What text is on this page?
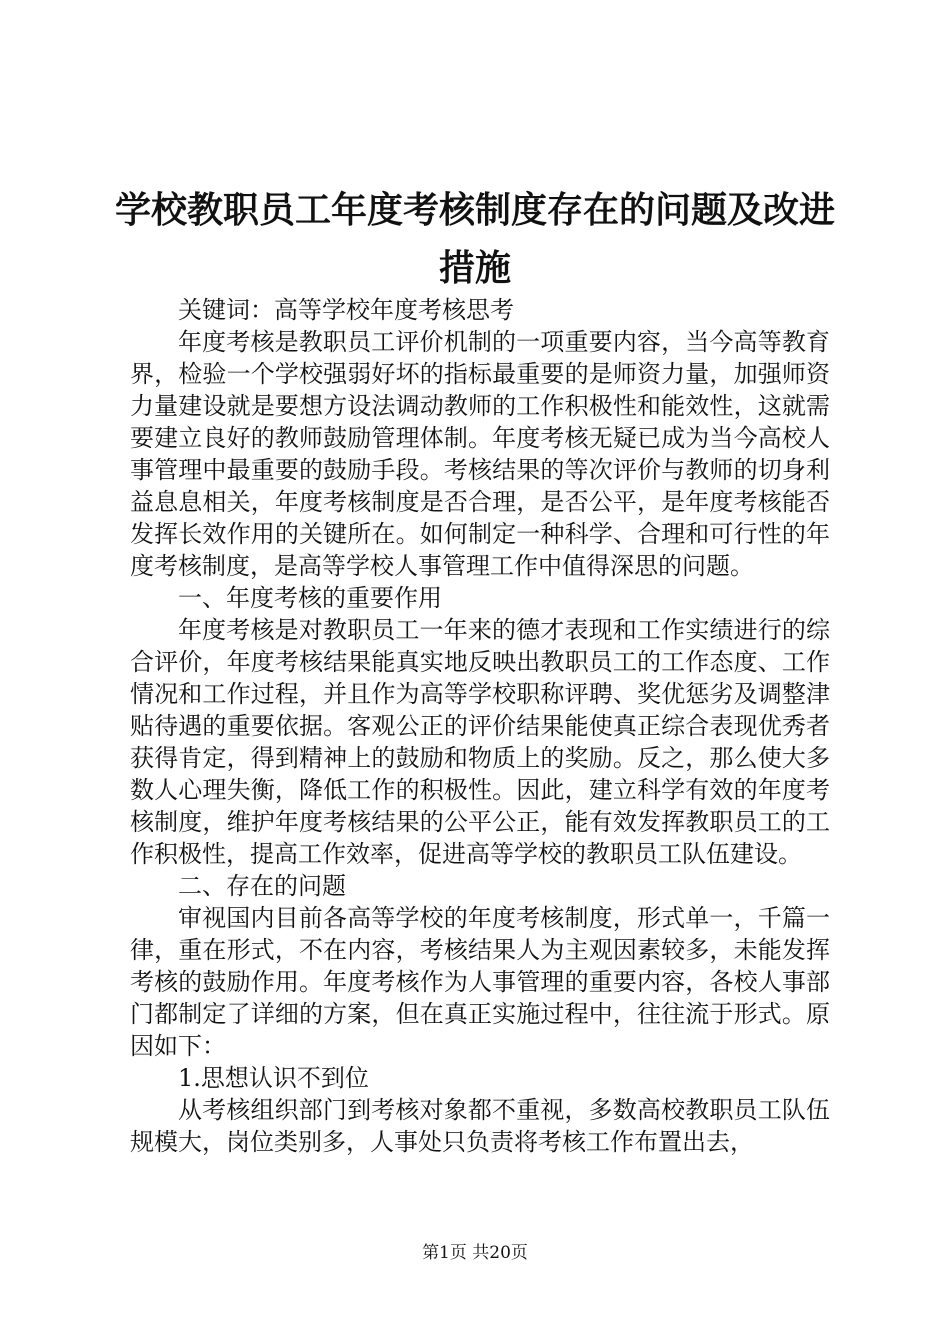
学校教职员工年度考核制度存在的问题及改进
措施

关键词：高等学校年度考核思考

年度考核是教职员工评价机制的一项重要内容，当今高等教育界，检验一个学校强弱好坏的指标最重要的是师资力量，加强师资力量建设就是要想方设法调动教师的工作积极性和能效性，这就需要建立良好的教师鼓励管理体制。年度考核无疑已成为当今高校人事管理中最重要的鼓励手段。考核结果的等次评价与教师的切身利益息息相关，年度考核制度是否合理，是否公平，是年度考核能否发挥长效作用的关键所在。如何制定一种科学、合理和可行性的年度考核制度，是高等学校人事管理工作中值得深思的问题。

一、年度考核的重要作用

年度考核是对教职员工一年来的德才表现和工作实绩进行的综合评价，年度考核结果能真实地反映出教职员工的工作态度、工作情况和工作过程，并且作为高等学校职称评聘、奖优惩劣及调整津贴待遇的重要依据。客观公正的评价结果能使真正综合表现优秀者获得肯定，得到精神上的鼓励和物质上的奖励。反之，那么使大多数人心理失衡，降低工作的积极性。因此，建立科学有效的年度考核制度，维护年度考核结果的公平公正，能有效发挥教职员工的工作积极性，提高工作效率，促进高等学校的教职员工队伍建设。

二、存在的问题

审视国内目前各高等学校的年度考核制度，形式单一，千篇一律，重在形式，不在内容，考核结果人为主观因素较多，未能发挥考核的鼓励作用。年度考核作为人事管理的重要内容，各校人事部门都制定了详细的方案，但在真正实施过程中，往往流于形式。原因如下：

1.思想认识不到位

从考核组织部门到考核对象都不重视，多数高校教职员工队伍规模大，岗位类别多，人事处只负责将考核工作布置出去，

第1页 共20页
